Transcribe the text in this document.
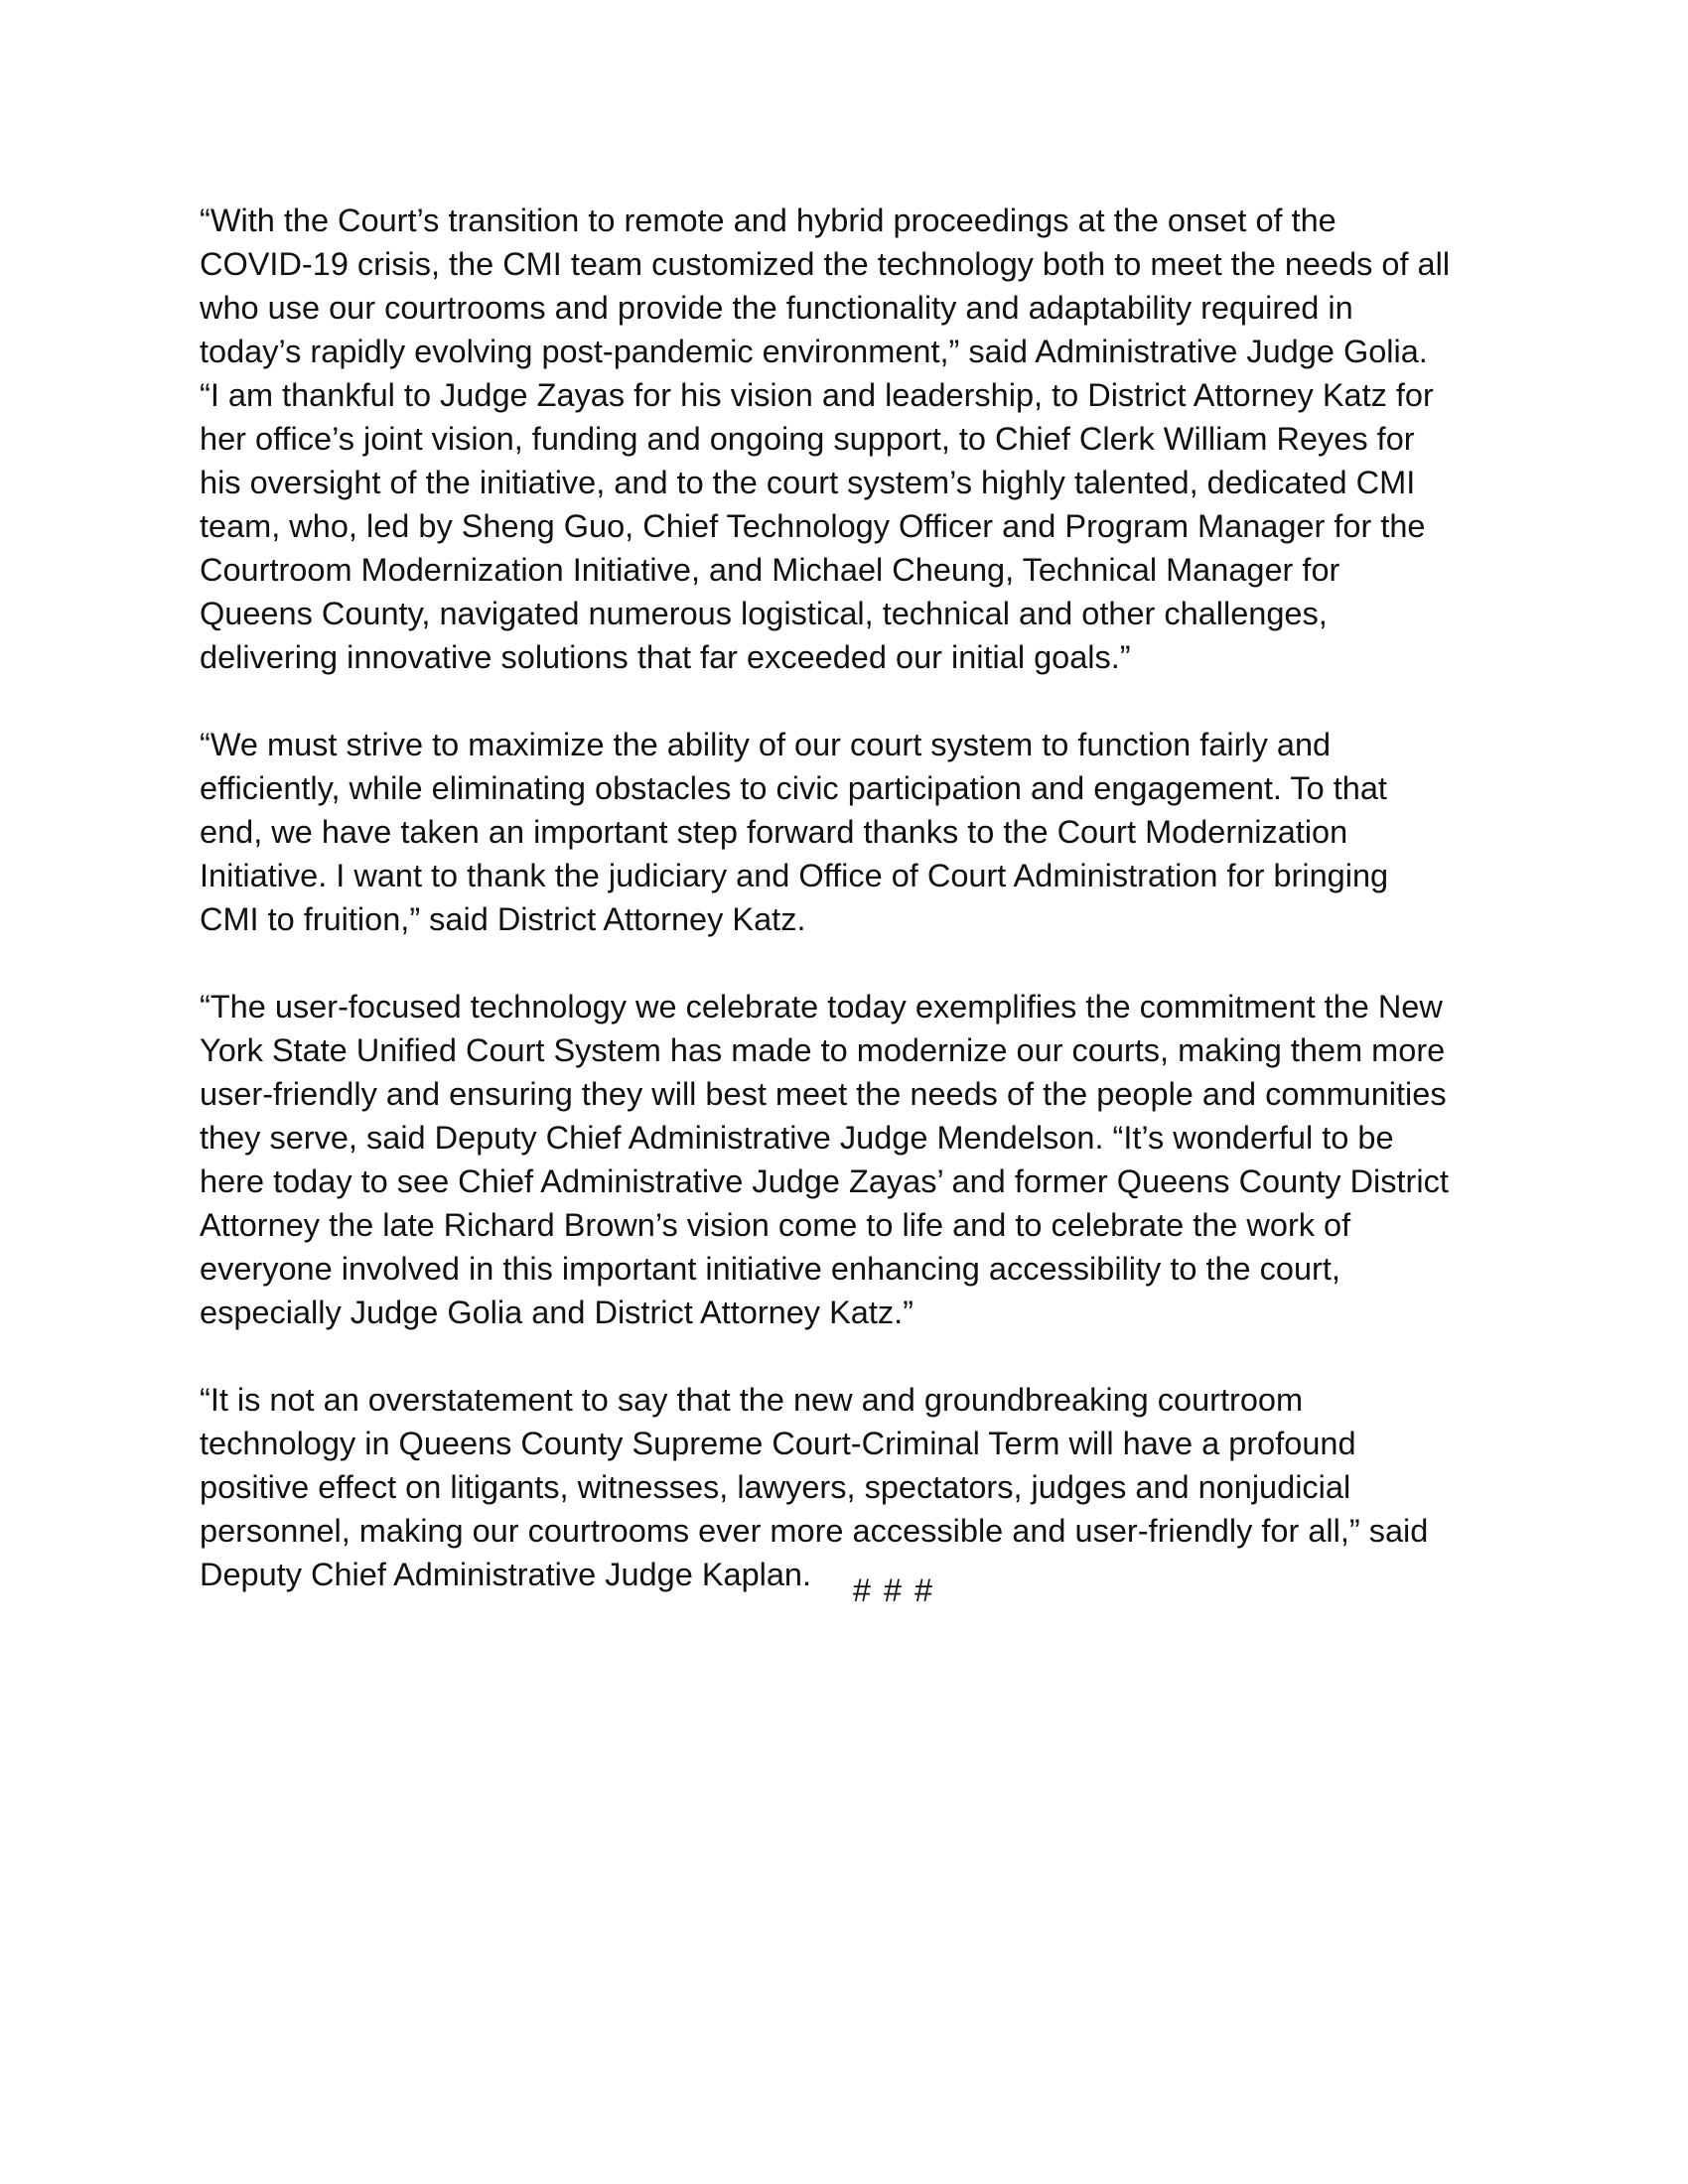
“With the Court’s transition to remote and hybrid proceedings at the onset of the
COVID-19 crisis, the CMI team customized the technology both to meet the needs of all
who use our courtrooms and provide the functionality and adaptability required in
today’s rapidly evolving post-pandemic environment,” said Administrative Judge Golia.
“I am thankful to Judge Zayas for his vision and leadership, to District Attorney Katz for
her office’s joint vision, funding and ongoing support, to Chief Clerk William Reyes for
his oversight of the initiative, and to the court system’s highly talented, dedicated CMI
team, who, led by Sheng Guo, Chief Technology Officer and Program Manager for the
Courtroom Modernization Initiative, and Michael Cheung, Technical Manager for
Queens County, navigated numerous logistical, technical and other challenges,
delivering innovative solutions that far exceeded our initial goals.”

“We must strive to maximize the ability of our court system to function fairly and
efficiently, while eliminating obstacles to civic participation and engagement. To that
end, we have taken an important step forward thanks to the Court Modernization
Initiative. I want to thank the judiciary and Office of Court Administration for bringing
CMI to fruition,” said District Attorney Katz.

“The user-focused technology we celebrate today exemplifies the commitment the New
York State Unified Court System has made to modernize our courts, making them more
user-friendly and ensuring they will best meet the needs of the people and communities
they serve, said Deputy Chief Administrative Judge Mendelson. “It’s wonderful to be
here today to see Chief Administrative Judge Zayas’ and former Queens County District
Attorney the late Richard Brown’s vision come to life and to celebrate the work of
everyone involved in this important initiative enhancing accessibility to the court,
especially Judge Golia and District Attorney Katz.”

“It is not an overstatement to say that the new and groundbreaking courtroom
technology in Queens County Supreme Court-Criminal Term will have a profound
positive effect on litigants, witnesses, lawyers, spectators, judges and nonjudicial
personnel, making our courtrooms ever more accessible and user-friendly for all,” said
Deputy Chief Administrative Judge Kaplan.	# # #
